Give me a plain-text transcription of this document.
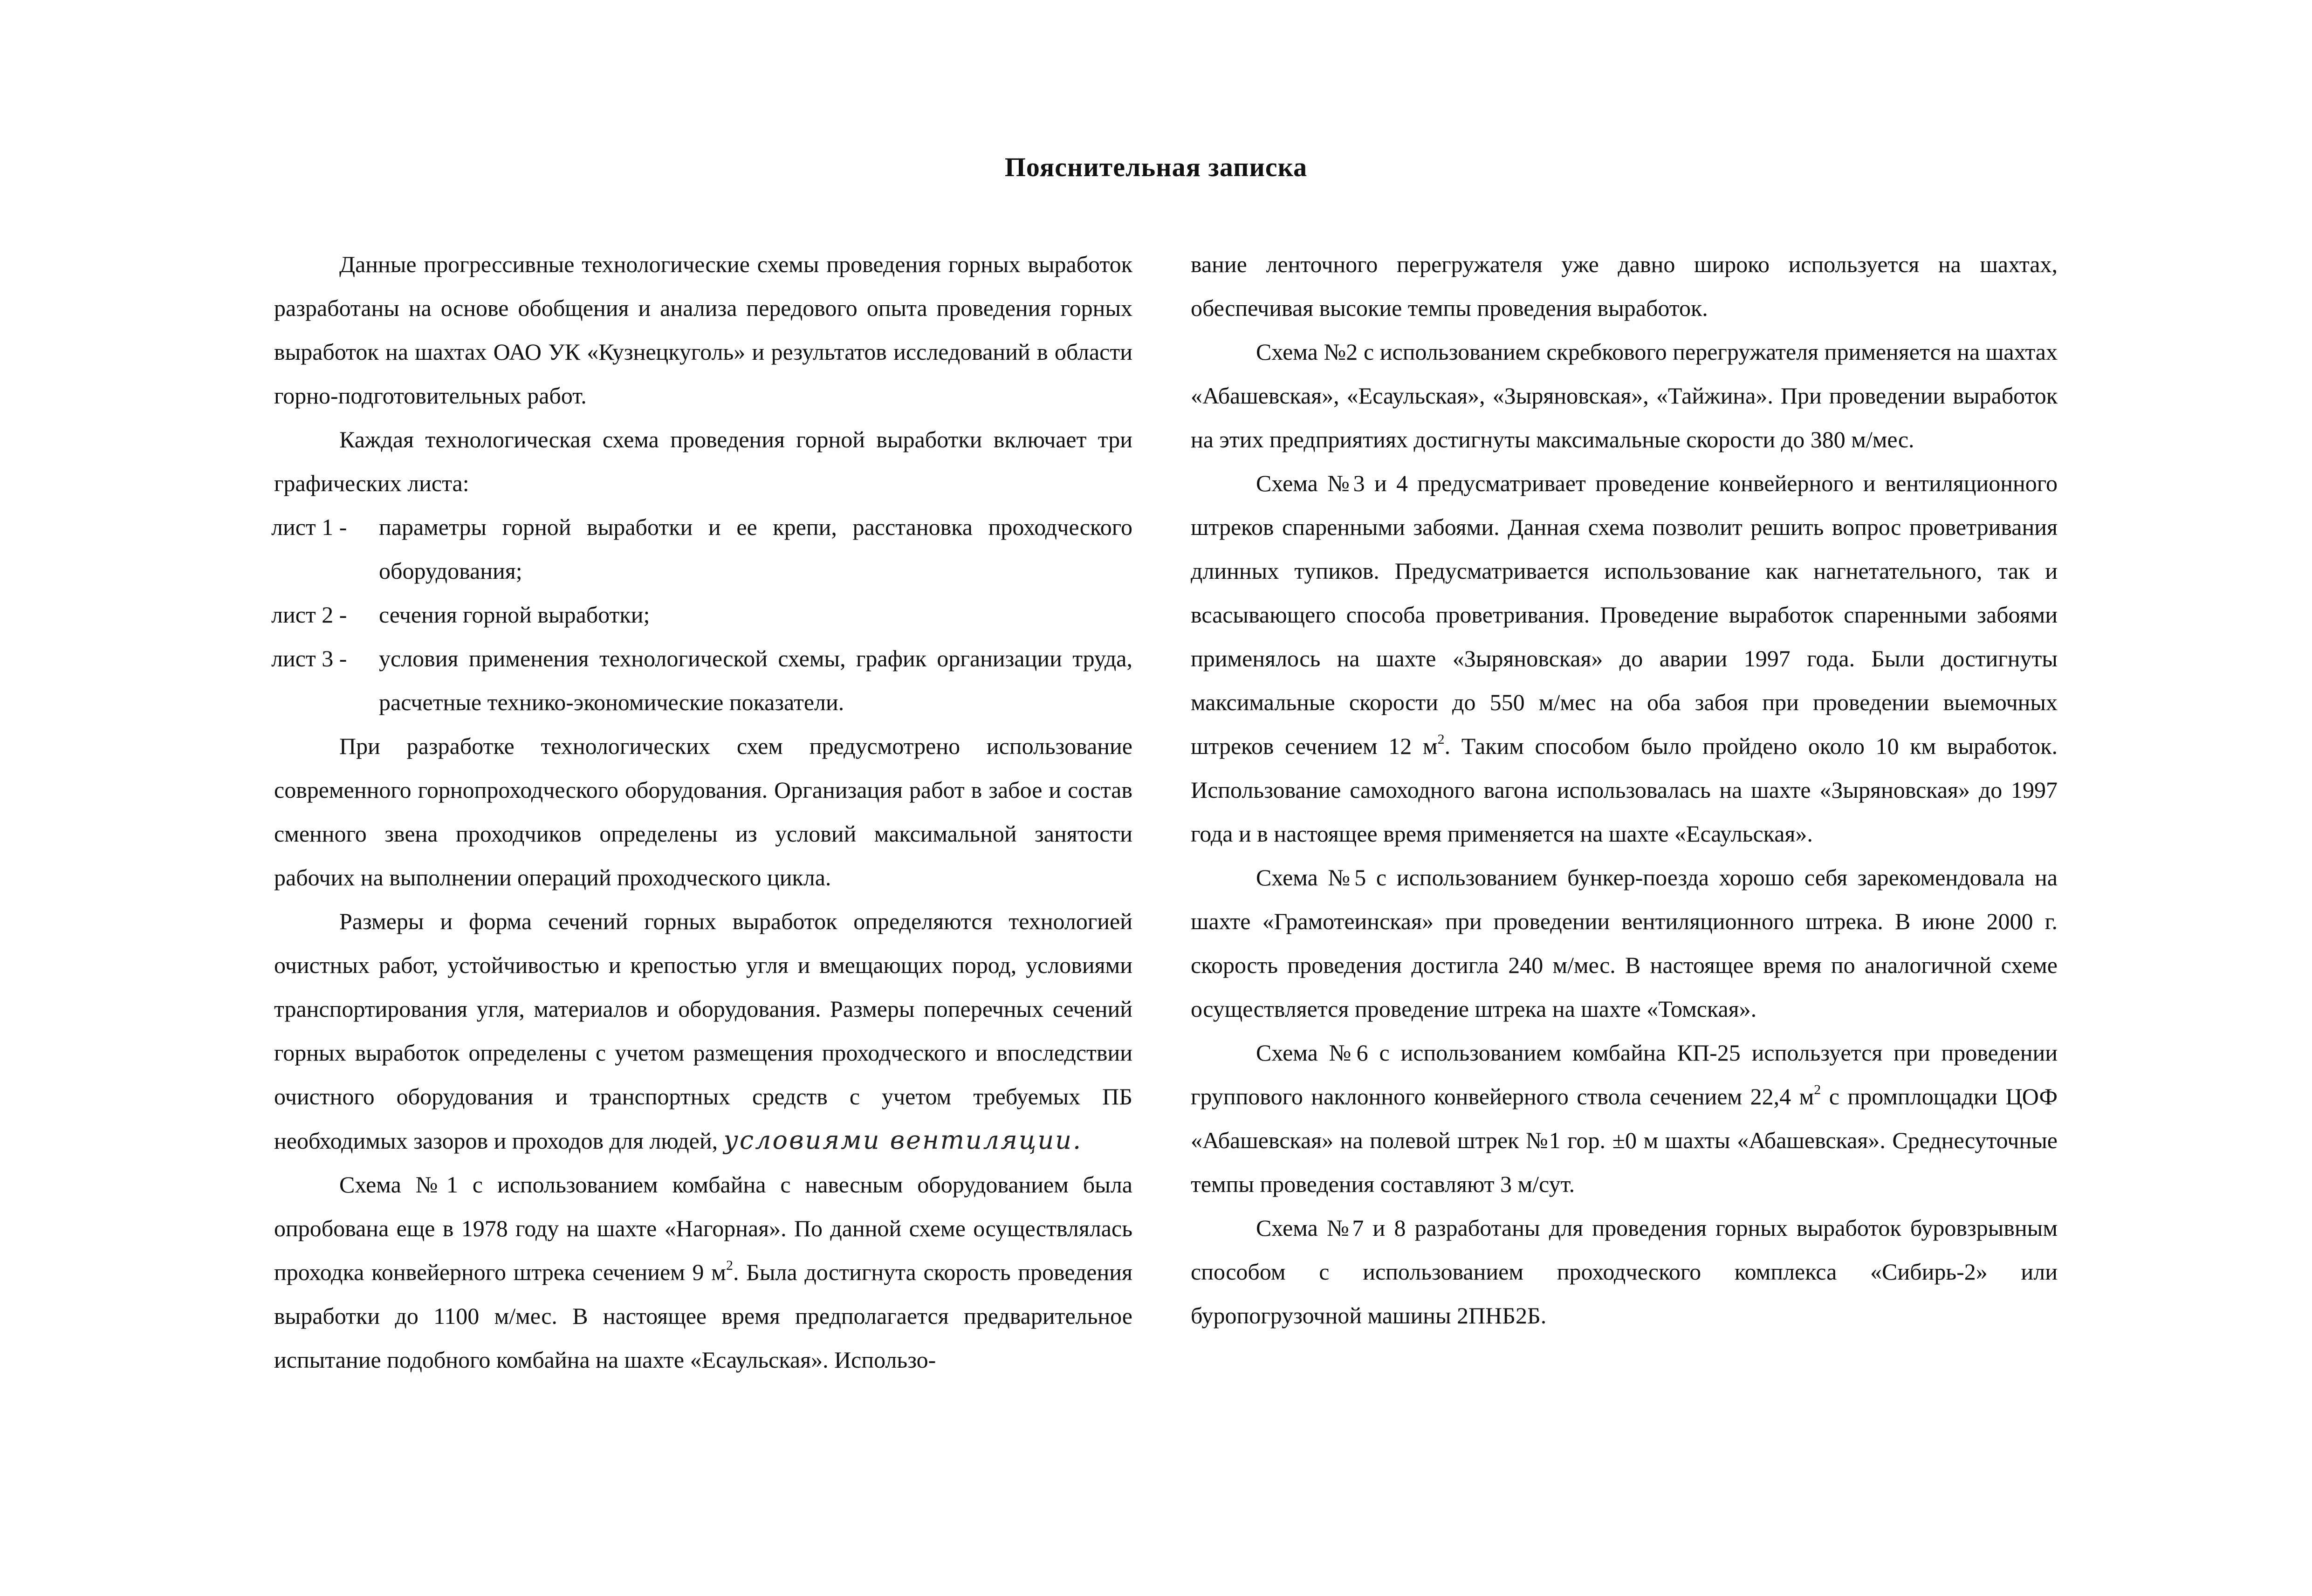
Пояснительная записка

Данные прогрессивные технологические схемы проведения горных выработок разработаны на основе обобщения и анализа передового опыта проведения горных выработок на шахтах ОАО УК «Кузнецкуголь» и результатов исследований в области горно-подготовительных работ.

Каждая технологическая схема проведения горной выработки включает три графических листа:

лист 1 - параметры горной выработки и ее крепи, расстановка проходческого оборудования;
лист 2 - сечения горной выработки;
лист 3 - условия применения технологической схемы, график организации труда, расчетные технико-экономические показатели.

При разработке технологических схем предусмотрено использование современного горнопроходческого оборудования. Организация работ в забое и состав сменного звена проходчиков определены из условий максимальной занятости рабочих на выполнении операций проходческого цикла.

Размеры и форма сечений горных выработок определяются технологией очистных работ, устойчивостью и крепостью угля и вмещающих пород, условиями транспортирования угля, материалов и оборудования. Размеры поперечных сечений горных выработок определены с учетом размещения проходческого и впоследствии очистного оборудования и транспортных средств с учетом требуемых ПБ необходимых зазоров и проходов для людей, условиями вентиляции.

Схема №1 с использованием комбайна с навесным оборудованием была опробована еще в 1978 году на шахте «Нагорная». По данной схеме осуществлялась проходка конвейерного штрека сечением 9 $м^2$. Была достигнута скорость проведения выработки до 1100 м/мес. В настоящее время предполагается предварительное испытание подобного комбайна на шахте «Есаульская». Использо-

вание ленточного перегружателя уже давно широко используется на шахтах, обеспечивая высокие темпы проведения выработок.

Схема №2 с использованием скребкового перегружателя применяется на шахтах «Абашевская», «Есаульская», «Зыряновская», «Тайжина». При проведении выработок на этих предприятиях достигнуты максимальные скорости до 380 м/мес.

Схема №3 и 4 предусматривает проведение конвейерного и вентиляционного штреков спаренными забоями. Данная схема позволит решить вопрос проветривания длинных тупиков. Предусматривается использование как нагнетательного, так и всасывающего способа проветривания. Проведение выработок спаренными забоями применялось на шахте «Зыряновская» до аварии 1997 года. Были достигнуты максимальные скорости до 550 м/мес на оба забоя при проведении выемочных штреков сечением 12 $м^2$. Таким способом было пройдено около 10 км выработок. Использование самоходного вагона использовалась на шахте «Зыряновская» до 1997 года и в настоящее время применяется на шахте «Есаульская».

Схема №5 с использованием бункер-поезда хорошо себя зарекомендовала на шахте «Грамотеинская» при проведении вентиляционного штрека. В июне 2000 г. скорость проведения достигла 240 м/мес. В настоящее время по аналогичной схеме осуществляется проведение штрека на шахте «Томская».

Схема №6 с использованием комбайна КП-25 используется при проведении группового наклонного конвейерного ствола сечением 22,4 $м^2$ с промплощадки ЦОФ «Абашевская» на полевой штрек №1 гор. ±0 м шахты «Абашевская». Среднесуточные темпы проведения составляют 3 м/сут.

Схема №7 и 8 разработаны для проведения горных выработок буровзрывным способом с использованием проходческого комплекса «Сибирь-2» или буропогрузочной машины 2ПНБ2Б.
